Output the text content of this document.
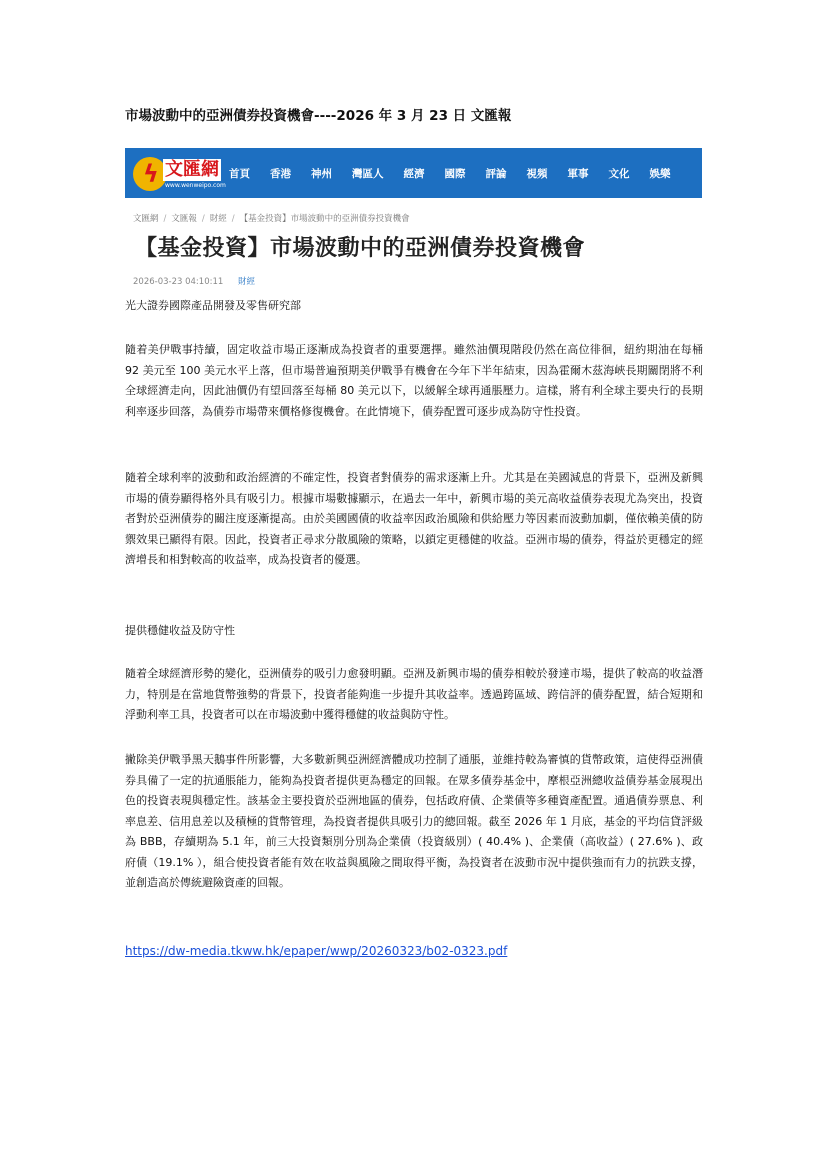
市場波動中的亞洲債券投資機會----2026 年 3 月 23 日 文匯報
ϟ 文匯網
www.wenweipo.com
首頁 香港 神州 灣區人 經濟 國際 評論 視頻 軍事 文化 娛樂
文匯網 / 文匯報 / 財經 / 【基金投資】市場波動中的亞洲債券投資機會
【基金投資】市場波動中的亞洲債券投資機會
2026-03-23 04:10:11 財經

光大證券國際產品開發及零售研究部

隨着美伊戰事持續，固定收益市場正逐漸成為投資者的重要選擇。雖然油價現階段仍然在高位徘徊，紐約期油在每桶 92 美元至 100 美元水平上落，但市場普遍預期美伊戰爭有機會在今年下半年結束，因為霍爾木茲海峽長期關閉將不利全球經濟走向，因此油價仍有望回落至每桶 80 美元以下，以緩解全球再通脹壓力。這樣，將有利全球主要央行的長期利率逐步回落，為債券市場帶來價格修復機會。在此情境下，債券配置可逐步成為防守性投資。

隨着全球利率的波動和政治經濟的不確定性，投資者對債券的需求逐漸上升。尤其是在美國減息的背景下，亞洲及新興市場的債券顯得格外具有吸引力。根據市場數據顯示，在過去一年中，新興市場的美元高收益債券表現尤為突出，投資者對於亞洲債券的關注度逐漸提高。由於美國國債的收益率因政治風險和供給壓力等因素而波動加劇，僅依賴美債的防禦效果已顯得有限。因此，投資者正尋求分散風險的策略，以鎖定更穩健的收益。亞洲市場的債券，得益於更穩定的經濟增長和相對較高的收益率，成為投資者的優選。

提供穩健收益及防守性

隨着全球經濟形勢的變化，亞洲債券的吸引力愈發明顯。亞洲及新興市場的債券相較於發達市場，提供了較高的收益潛力，特別是在當地貨幣強勢的背景下，投資者能夠進一步提升其收益率。透過跨區域、跨信評的債券配置，結合短期和浮動利率工具，投資者可以在市場波動中獲得穩健的收益與防守性。

撇除美伊戰爭黑天鵝事件所影響，大多數新興亞洲經濟體成功控制了通脹，並維持較為審慎的貨幣政策，這使得亞洲債券具備了一定的抗通脹能力，能夠為投資者提供更為穩定的回報。在眾多債券基金中，摩根亞洲總收益債券基金展現出色的投資表現與穩定性。該基金主要投資於亞洲地區的債券，包括政府債、企業債等多種資產配置。通過債券票息、利率息差、信用息差以及積極的貨幣管理，為投資者提供具吸引力的總回報。截至 2026 年 1 月底，基金的平均信貸評級為 BBB，存續期為 5.1 年，前三大投資類別分別為企業債（投資級別）( 40.4% )、企業債（高收益）( 27.6% )、政府債（19.1% ），組合使投資者能有效在收益與風險之間取得平衡，為投資者在波動市況中提供強而有力的抗跌支撐，並創造高於傳統避險資產的回報。

https://dw-media.tkww.hk/epaper/wwp/20260323/b02-0323.pdf
